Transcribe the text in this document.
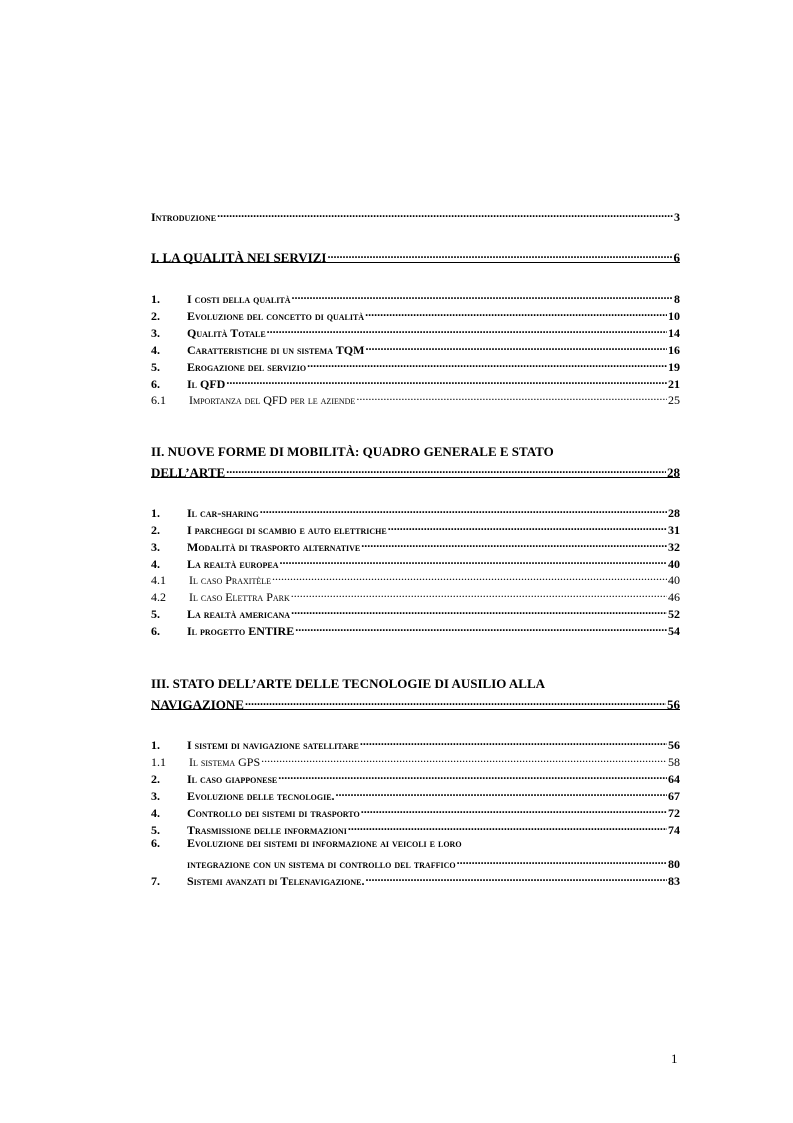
Introduzione .....	3
I. LA QUALITÀ NEI SERVIZI .....	6
1.	I costi della qualità .....	8
2.	Evoluzione del concetto di qualità .....	10
3.	Qualità Totale .....	14
4.	Caratteristiche di un sistema TQM .....	16
5.	Erogazione del servizio .....	19
6.	Il QFD .....	21
6.1	Importanza del QFD per le aziende .....	25
II. NUOVE FORME DI MOBILITÀ: QUADRO GENERALE E STATO
DELL’ARTE .....	28
1.	Il car-sharing .....	28
2.	I parcheggi di scambio e auto elettriche .....	31
3.	Modalità di trasporto alternative .....	32
4.	La realtà europea .....	40
4.1	Il caso Praxitèle .....	40
4.2	Il caso Elettra Park .....	46
5.	La realtà americana .....	52
6.	Il progetto ENTIRE .....	54
III. STATO DELL’ARTE DELLE TECNOLOGIE DI AUSILIO ALLA
NAVIGAZIONE .....	56
1.	I sistemi di navigazione satellitare .....	56
1.1	Il sistema GPS .....	58
2.	Il caso giapponese .....	64
3.	Evoluzione delle tecnologie. .....	67
4.	Controllo dei sistemi di trasporto .....	72
5.	Trasmissione delle informazioni .....	74
6.	Evoluzione dei sistemi di informazione ai veicoli e loro
integrazione con un sistema di controllo del traffico .....	80
7.	Sistemi avanzati di Telenavigazione. .....	83
1
